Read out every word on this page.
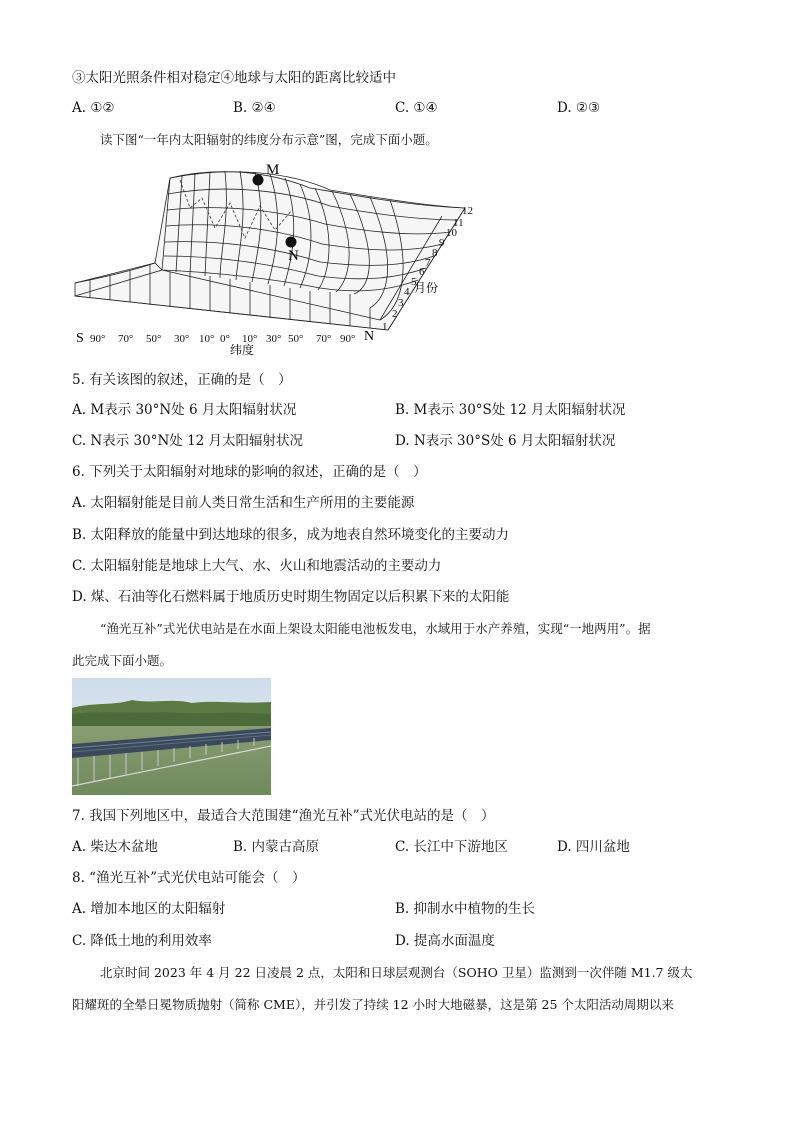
③太阳光照条件相对稳定④地球与太阳的距离比较适中
A. ①②	B. ②④	C. ①④	D. ②③
读下图“一年内太阳辐射的纬度分布示意”图，完成下面小题。
M
N
1
2
3
4
5
6
7
8
9
10
11
12
月份
S 90° 70° 50° 30° 10° 0° 10° 30° 50° 70° 90° N
纬度
5. 有关该图的叙述，正确的是（　）
A. M表示 30°N处 6 月太阳辐射状况	B. M表示 30°S处 12 月太阳辐射状况
C. N表示 30°N处 12 月太阳辐射状况	D. N表示 30°S处 6 月太阳辐射状况
6. 下列关于太阳辐射对地球的影响的叙述，正确的是（　）
A. 太阳辐射能是目前人类日常生活和生产所用的主要能源
B. 太阳释放的能量中到达地球的很多，成为地表自然环境变化的主要动力
C. 太阳辐射能是地球上大气、水、火山和地震活动的主要动力
D. 煤、石油等化石燃料属于地质历史时期生物固定以后积累下来的太阳能
“渔光互补”式光伏电站是在水面上架设太阳能电池板发电，水域用于水产养殖，实现“一地两用”。据
此完成下面小题。
7. 我国下列地区中，最适合大范围建“渔光互补”式光伏电站的是（　）
A. 柴达木盆地	B. 内蒙古高原	C. 长江中下游地区	D. 四川盆地
8. “渔光互补”式光伏电站可能会（　）
A. 增加本地区的太阳辐射	B. 抑制水中植物的生长
C. 降低土地的利用效率	D. 提高水面温度
北京时间 2023 年 4 月 22 日凌晨 2 点，太阳和日球层观测台（SOHO 卫星）监测到一次伴随 M1.7 级太
阳耀斑的全晕日冕物质抛射（简称 CME），并引发了持续 12 小时大地磁暴，这是第 25 个太阳活动周期以来
